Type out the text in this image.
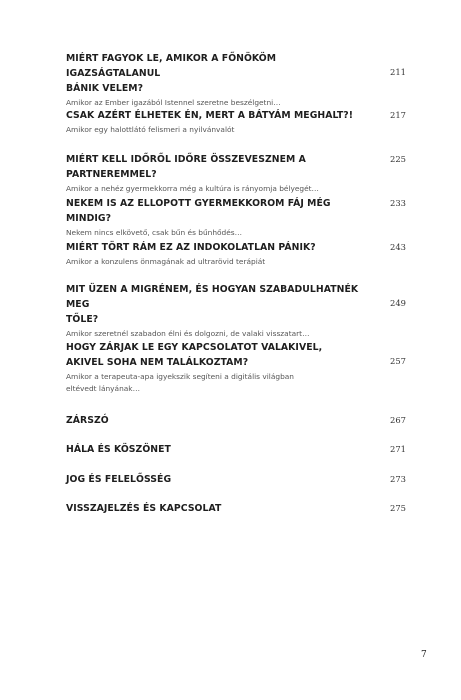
MIÉRT FAGYOK LE, AMIKOR A FŐNÖKÖM IGAZSÁGTALANUL
BÁNIK VELEM?
Amikor az Ember igazából Istennel szeretne beszélgetni…
211
CSAK AZÉRT ÉLHETEK ÉN, MERT A BÁTYÁM MEGHALT?!
Amikor egy halottlátó felismeri a nyilvánvalót
217
MIÉRT KELL IDŐRŐL IDŐRE ÖSSZEVESZNEM A PARTNEREMMEL?
Amikor a nehéz gyermekkorra még a kultúra is rányomja bélyegét…
225
NEKEM IS AZ ELLOPOTT GYERMEKKOROM FÁJ MÉG MINDIG?
Nekem nincs elkövető, csak bűn és bűnhődés…
233
MIÉRT TÖRT RÁM EZ AZ INDOKOLATLAN PÁNIK?
Amikor a konzulens önmagának ad ultrarövid terápiát
243
MIT ÜZEN A MIGRÉNEM, ÉS HOGYAN SZABADULHATNÉK MEG
TŐLE?
Amikor szeretnél szabadon élni és dolgozni, de valaki visszatart…
249
HOGY ZÁRJAK LE EGY KAPCSOLATOT VALAKIVEL,
AKIVEL SOHA NEM TALÁLKOZTAM?
Amikor a terapeuta-apa igyekszik segíteni a digitális világban
eltévedt lányának…
257
ZÁRSZÓ	267
HÁLA ÉS KÖSZÖNET	271
JOG ÉS FELELŐSSÉG	273
VISSZAJELZÉS ÉS KAPCSOLAT	275
7
